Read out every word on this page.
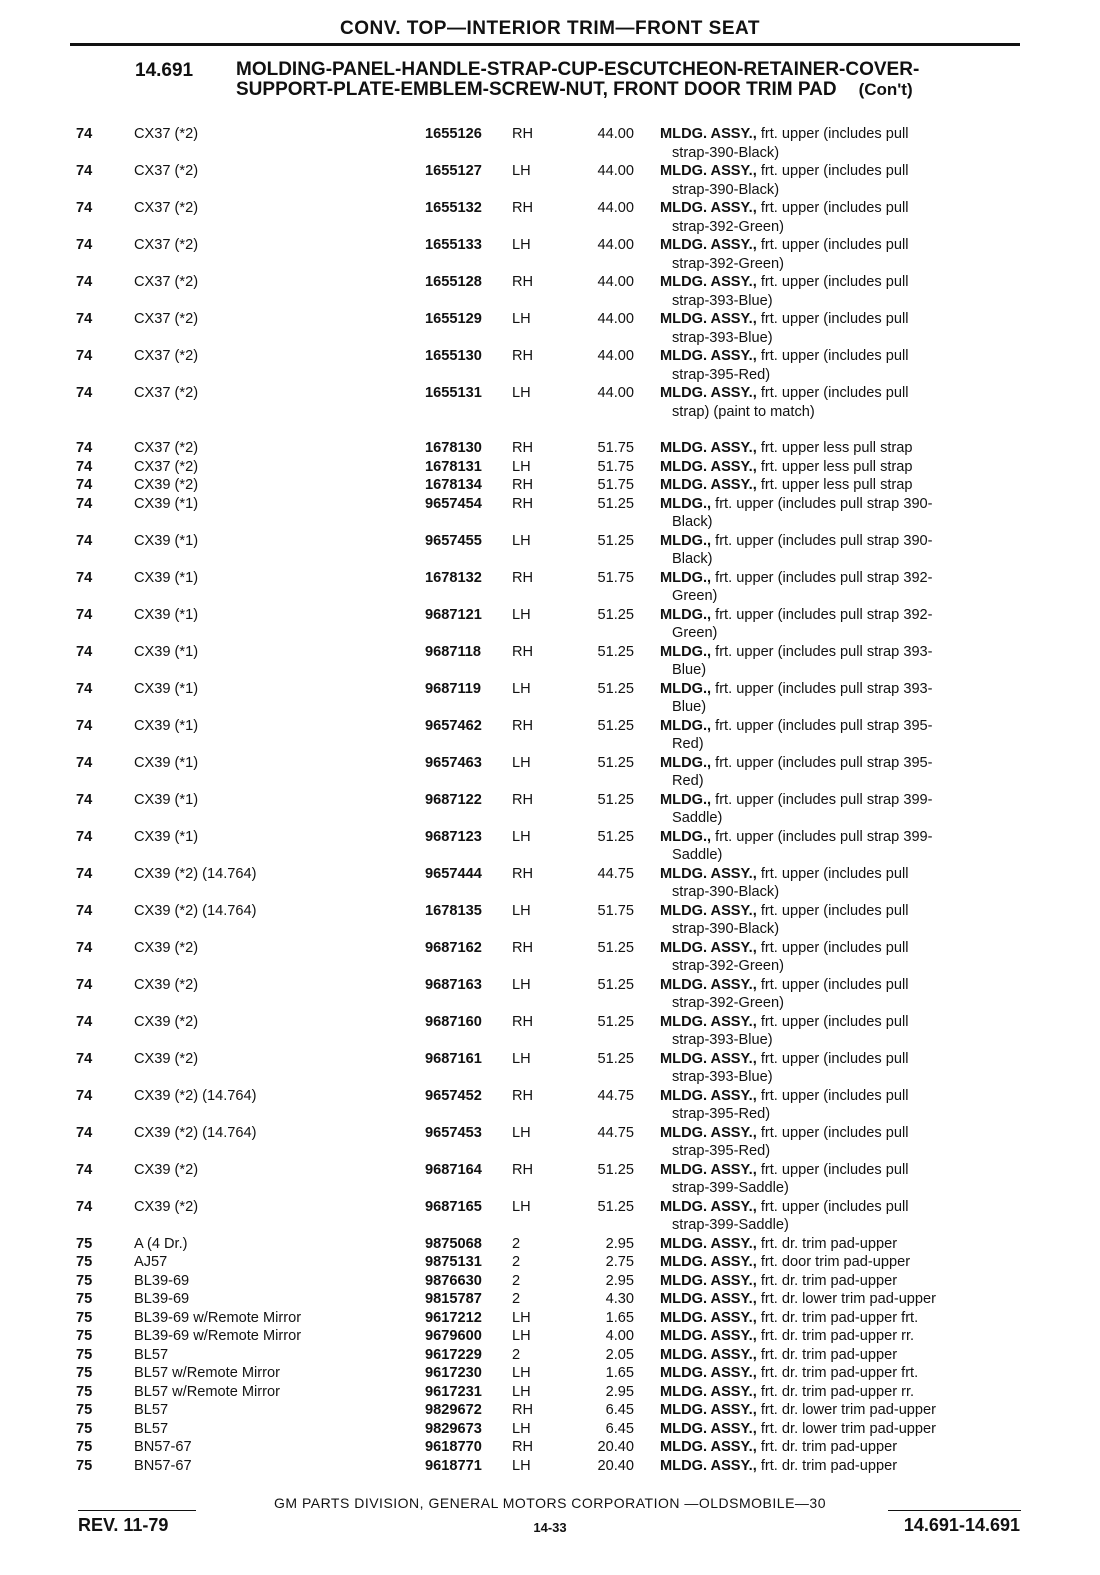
CONV. TOP—INTERIOR TRIM—FRONT SEAT
14.691 MOLDING-PANEL-HANDLE-STRAP-CUP-ESCUTCHEON-RETAINER-COVER-SUPPORT-PLATE-EMBLEM-SCREW-NUT, FRONT DOOR TRIM PAD (Con't)
74	CX37 (*2)	1655126 RH	44.00 MLDG. ASSY., frt. upper (includes pull
strap-390-Black)
74	CX37 (*2)	1655127 LH	44.00 MLDG. ASSY., frt. upper (includes pull
strap-390-Black)
74	CX37 (*2)	1655132 RH	44.00 MLDG. ASSY., frt. upper (includes pull
strap-392-Green)
74	CX37 (*2)	1655133 LH	44.00 MLDG. ASSY., frt. upper (includes pull
strap-392-Green)
74	CX37 (*2)	1655128 RH	44.00 MLDG. ASSY., frt. upper (includes pull
strap-393-Blue)
74	CX37 (*2)	1655129 LH	44.00 MLDG. ASSY., frt. upper (includes pull
strap-393-Blue)
74	CX37 (*2)	1655130 RH	44.00 MLDG. ASSY., frt. upper (includes pull
strap-395-Red)
74	CX37 (*2)	1655131 LH	44.00 MLDG. ASSY., frt. upper (includes pull
strap) (paint to match)
74	CX37 (*2)	1678130 RH	51.75 MLDG. ASSY., frt. upper less pull strap
74	CX37 (*2)	1678131 LH	51.75 MLDG. ASSY., frt. upper less pull strap
74	CX39 (*2)	1678134 RH	51.75 MLDG. ASSY., frt. upper less pull strap
74	CX39 (*1)	9657454 RH	51.25 MLDG., frt. upper (includes pull strap 390-
Black)
74	CX39 (*1)	9657455 LH	51.25 MLDG., frt. upper (includes pull strap 390-
Black)
74	CX39 (*1)	1678132 RH	51.75 MLDG., frt. upper (includes pull strap 392-
Green)
74	CX39 (*1)	9687121 LH	51.25 MLDG., frt. upper (includes pull strap 392-
Green)
74	CX39 (*1)	9687118 RH	51.25 MLDG., frt. upper (includes pull strap 393-
Blue)
74	CX39 (*1)	9687119 LH	51.25 MLDG., frt. upper (includes pull strap 393-
Blue)
74	CX39 (*1)	9657462 RH	51.25 MLDG., frt. upper (includes pull strap 395-
Red)
74	CX39 (*1)	9657463 LH	51.25 MLDG., frt. upper (includes pull strap 395-
Red)
74	CX39 (*1)	9687122 RH	51.25 MLDG., frt. upper (includes pull strap 399-
Saddle)
74	CX39 (*1)	9687123 LH	51.25 MLDG., frt. upper (includes pull strap 399-
Saddle)
74	CX39 (*2) (14.764)	9657444 RH	44.75 MLDG. ASSY., frt. upper (includes pull
strap-390-Black)
74	CX39 (*2) (14.764)	1678135 LH	51.75 MLDG. ASSY., frt. upper (includes pull
strap-390-Black)
74	CX39 (*2)	9687162 RH	51.25 MLDG. ASSY., frt. upper (includes pull
strap-392-Green)
74	CX39 (*2)	9687163 LH	51.25 MLDG. ASSY., frt. upper (includes pull
strap-392-Green)
74	CX39 (*2)	9687160 RH	51.25 MLDG. ASSY., frt. upper (includes pull
strap-393-Blue)
74	CX39 (*2)	9687161 LH	51.25 MLDG. ASSY., frt. upper (includes pull
strap-393-Blue)
74	CX39 (*2) (14.764)	9657452 RH	44.75 MLDG. ASSY., frt. upper (includes pull
strap-395-Red)
74	CX39 (*2) (14.764)	9657453 LH	44.75 MLDG. ASSY., frt. upper (includes pull
strap-395-Red)
74	CX39 (*2)	9687164 RH	51.25 MLDG. ASSY., frt. upper (includes pull
strap-399-Saddle)
74	CX39 (*2)	9687165 LH	51.25 MLDG. ASSY., frt. upper (includes pull
strap-399-Saddle)
75	A (4 Dr.)	9875068 2	2.95 MLDG. ASSY., frt. dr. trim pad-upper
75	AJ57	9875131 2	2.75 MLDG. ASSY., frt. door trim pad-upper
75	BL39-69	9876630 2	2.95 MLDG. ASSY., frt. dr. trim pad-upper
75	BL39-69	9815787 2	4.30 MLDG. ASSY., frt. dr. lower trim pad-upper
75	BL39-69 w/Remote Mirror	9617212 LH	1.65 MLDG. ASSY., frt. dr. trim pad-upper frt.
75	BL39-69 w/Remote Mirror	9679600 LH	4.00 MLDG. ASSY., frt. dr. trim pad-upper rr.
75	BL57	9617229 2	2.05 MLDG. ASSY., frt. dr. trim pad-upper
75	BL57 w/Remote Mirror	9617230 LH	1.65 MLDG. ASSY., frt. dr. trim pad-upper frt.
75	BL57 w/Remote Mirror	9617231 LH	2.95 MLDG. ASSY., frt. dr. trim pad-upper rr.
75	BL57	9829672 RH	6.45 MLDG. ASSY., frt. dr. lower trim pad-upper
75	BL57	9829673 LH	6.45 MLDG. ASSY., frt. dr. lower trim pad-upper
75	BN57-67	9618770 RH	20.40 MLDG. ASSY., frt. dr. trim pad-upper
75	BN57-67	9618771 LH	20.40 MLDG. ASSY., frt. dr. trim pad-upper
GM PARTS DIVISION, GENERAL MOTORS CORPORATION —OLDSMOBILE—30
REV. 11-79	14-33	14.691-14.691
